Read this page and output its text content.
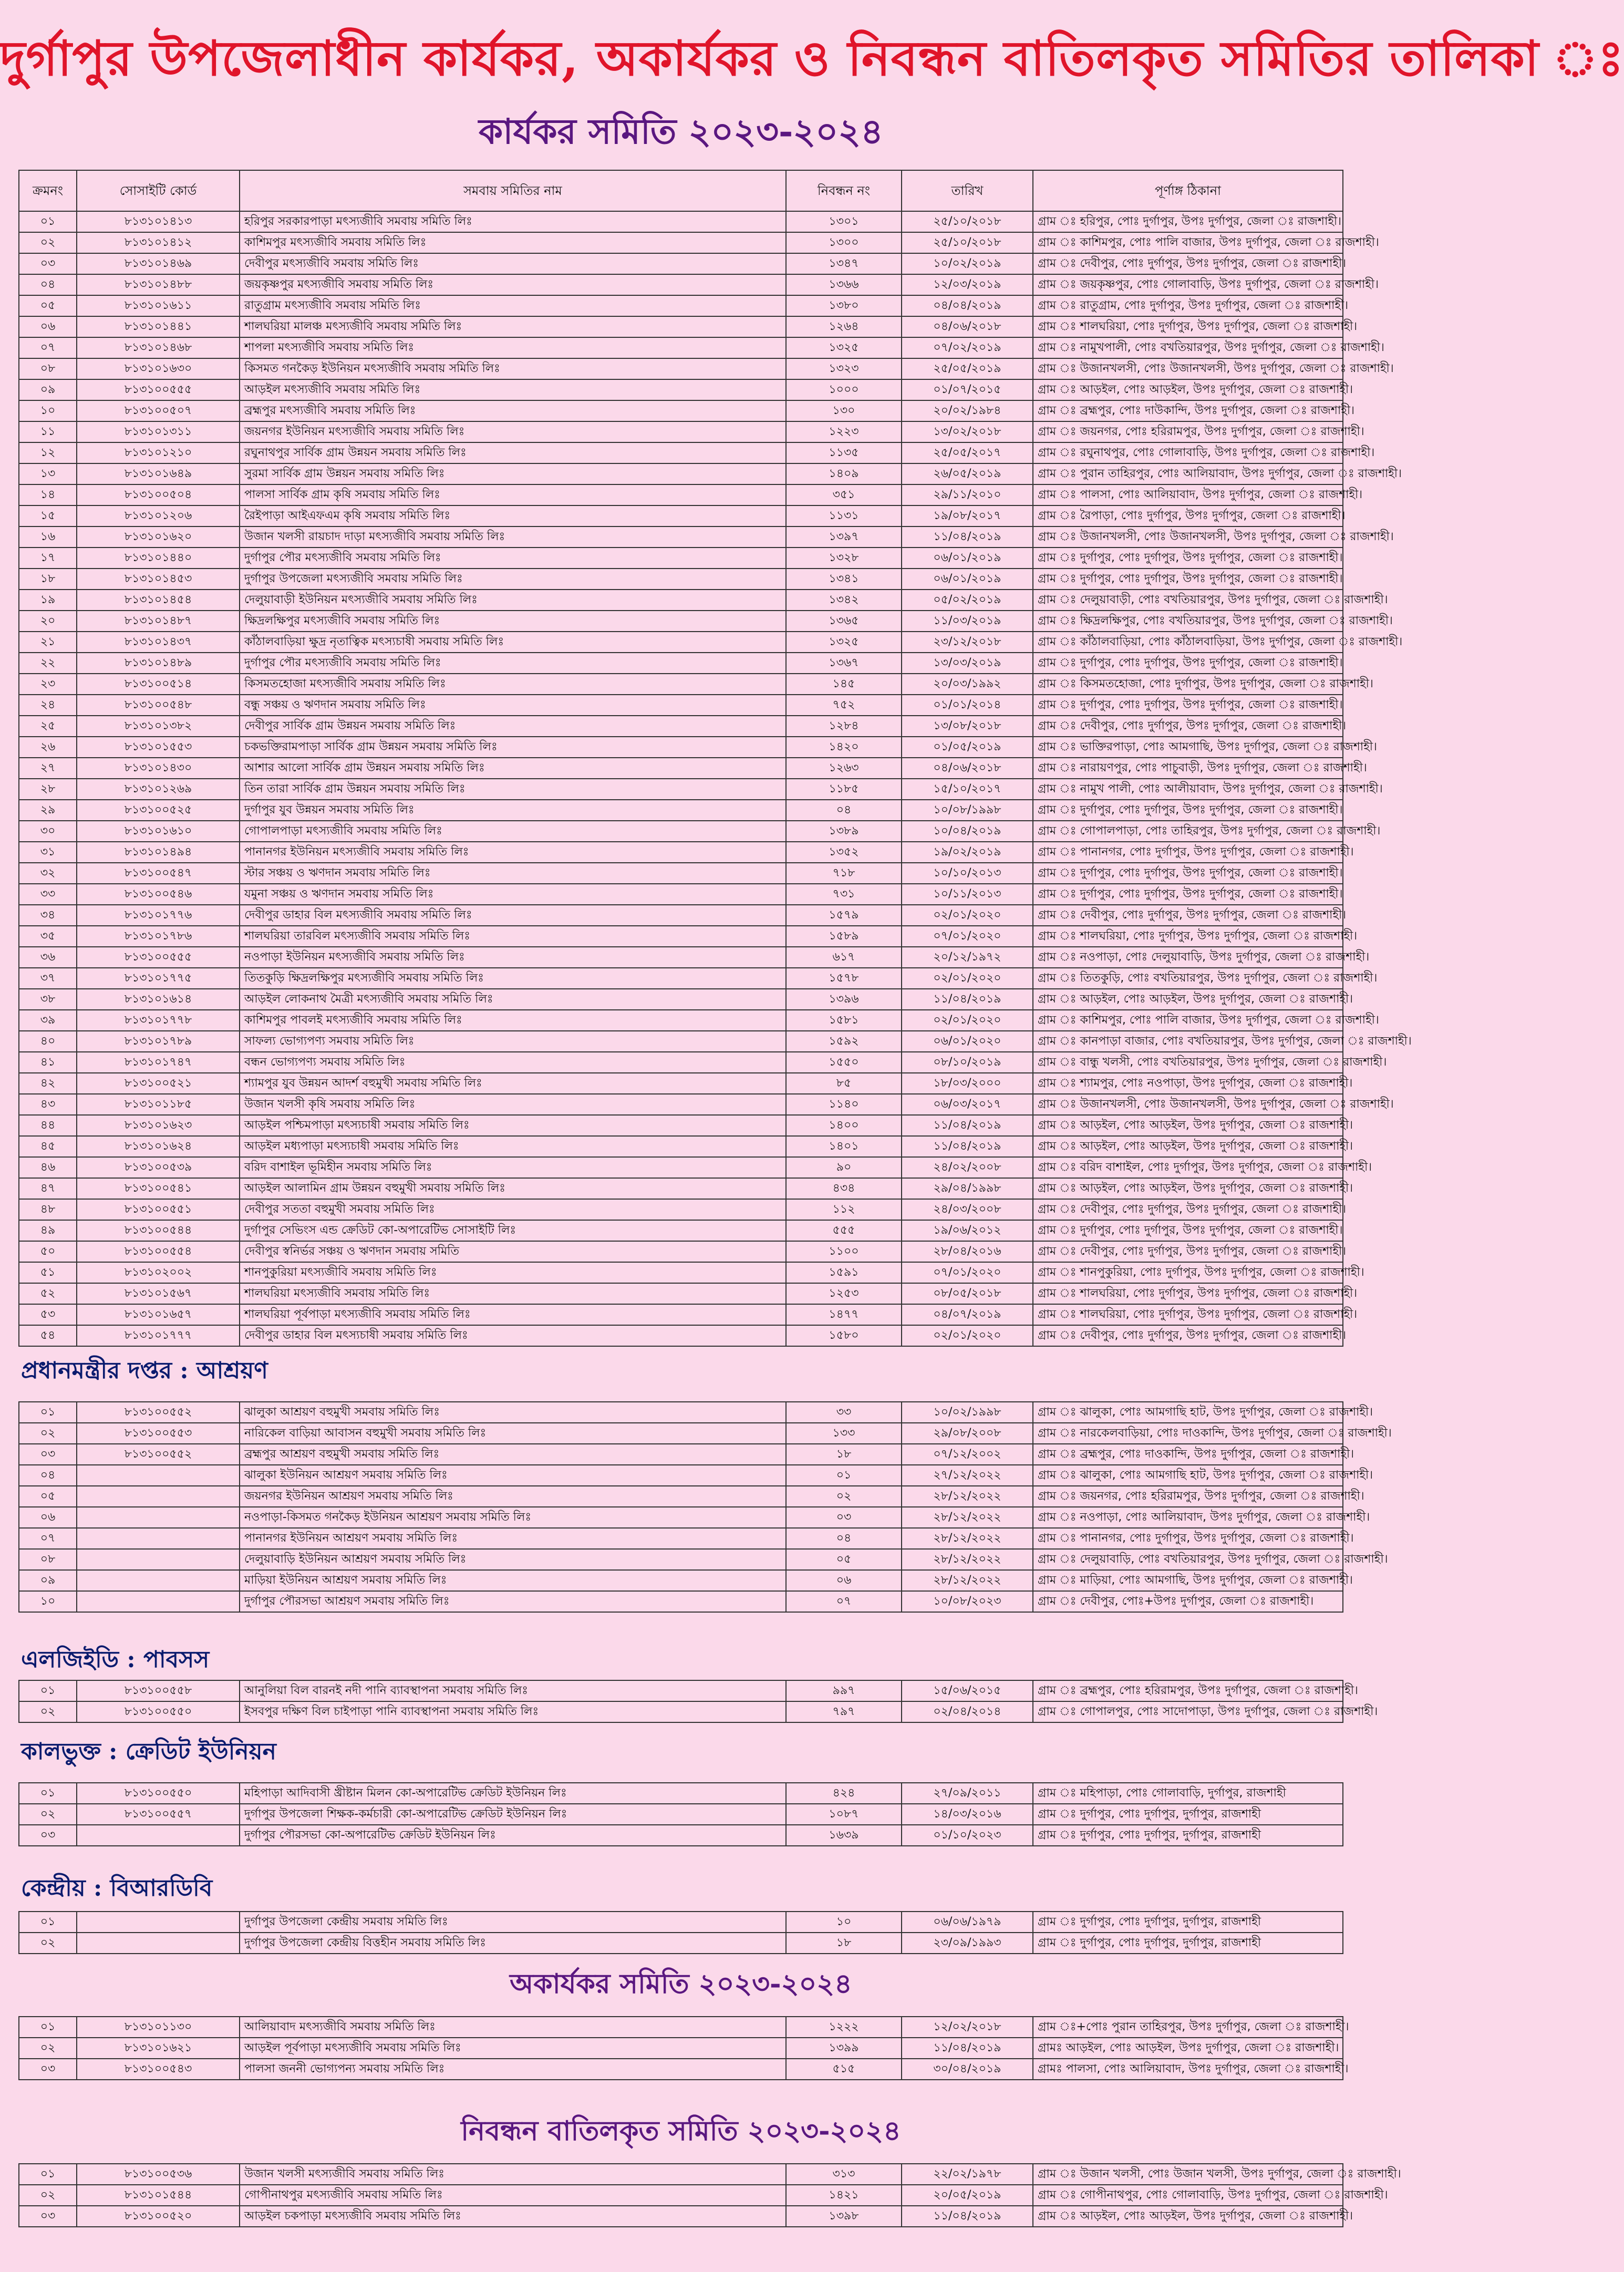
দুর্গাপুর উপজেলাধীন কার্যকর, অকার্যকর ও নিবন্ধন বাতিলকৃত সমিতির তালিকা ঃ
কার্যকর সমিতি ২০২৩-২০২৪
ক্রমনং	সোসাইটি কোর্ড	সমবায় সমিতির নাম	নিবন্ধন নং	তারিখ	পূর্ণাঙ্গ ঠিকানা
০১	৮১৩১০১৪১৩	হরিপুর সরকারপাড়া মৎস্যজীবি সমবায় সমিতি লিঃ	১৩০১	২৫/১০/২০১৮	গ্রাম ঃ হরিপুর, পোঃ দুর্গাপুর, উপঃ দুর্গাপুর, জেলা ঃ রাজশাহী।
০২	৮১৩১০১৪১২	কাশিমপুর মৎস্যজীবি সমবায় সমিতি লিঃ	১৩০০	২৫/১০/২০১৮	গ্রাম ঃ কাশিমপুর, পোঃ পালি বাজার, উপঃ দুর্গাপুর, জেলা ঃ রাজশাহী।
০৩	৮১৩১০১৪৬৯	দেবীপুর মৎস্যজীবি সমবায় সমিতি লিঃ	১৩৪৭	১০/০২/২০১৯	গ্রাম ঃ দেবীপুর, পোঃ দুর্গাপুর, উপঃ দুর্গাপুর, জেলা ঃ রাজশাহী।
০৪	৮১৩১০১৪৮৮	জয়কৃষ্ণপুর মৎস্যজীবি সমবায় সমিতি লিঃ	১৩৬৬	১২/০৩/২০১৯	গ্রাম ঃ জয়কৃষ্ণপুর, পোঃ গোলাবাড়ি, উপঃ দুর্গাপুর, জেলা ঃ রাজশাহী।
০৫	৮১৩১০১৬১১	রাতুগ্রাম মৎস্যজীবি সমবায় সমিতি লিঃ	১৩৮০	০৪/০৪/২০১৯	গ্রাম ঃ রাতুগ্রাম, পোঃ দুর্গাপুর, উপঃ দুর্গাপুর, জেলা ঃ রাজশাহী।
০৬	৮১৩১০১৪৪১	শালঘরিয়া মালঞ্চ মৎস্যজীবি সমবায় সমিতি লিঃ	১২৬৪	০৪/০৬/২০১৮	গ্রাম ঃ শালঘরিয়া, পোঃ দুর্গাপুর, উপঃ দুর্গাপুর, জেলা ঃ রাজশাহী।
০৭	৮১৩১০১৪৬৮	শাপলা মৎস্যজীবি সমবায় সমিতি লিঃ	১৩২৫	০৭/০২/২০১৯	গ্রাম ঃ নামুখপালী, পোঃ বখতিয়ারপুর, উপঃ দুর্গাপুর, জেলা ঃ রাজশাহী।
০৮	৮১৩১০১৬৩০	কিসমত গনকৈড় ইউনিয়ন মৎস্যজীবি সমবায় সমিতি লিঃ	১৩২৩	২৫/০৫/২০১৯	গ্রাম ঃ উজানখলসী, পোঃ উজানখলসী, উপঃ দুর্গাপুর, জেলা ঃ রাজশাহী।
০৯	৮১৩১০০৫৫৫	আড়ইল মৎস্যজীবি সমবায় সমিতি লিঃ	১০০০	০১/০৭/২০১৫	গ্রাম ঃ আড়ইল, পোঃ আড়ইল, উপঃ দুর্গাপুর, জেলা ঃ রাজশাহী।
১০	৮১৩১০০৫০৭	ব্রহ্মপুর মৎস্যজীবি সমবায় সমিতি লিঃ	১৩০	২০/০২/১৯৮৪	গ্রাম ঃ ব্রহ্মপুর, পোঃ দাউকান্দি, উপঃ দুর্গাপুর, জেলা ঃ রাজশাহী।
১১	৮১৩১০১৩১১	জয়নগর ইউনিয়ন মৎস্যজীবি সমবায় সমিতি লিঃ	১২২৩	১৩/০২/২০১৮	গ্রাম ঃ জয়নগর, পোঃ হরিরামপুর, উপঃ দুর্গাপুর, জেলা ঃ রাজশাহী।
১২	৮১৩১০১২১০	রঘুনাথপুর সার্বিক গ্রাম উন্নয়ন সমবায় সমিতি লিঃ	১১৩৫	২৫/০৫/২০১৭	গ্রাম ঃ রঘুনাথপুর, পোঃ গোলাবাড়ি, উপঃ দুর্গাপুর, জেলা ঃ রাজশাহী।
১৩	৮১৩১০১৬৪৯	সুরমা সার্বিক গ্রাম উন্নয়ন সমবায় সমিতি লিঃ	১৪০৯	২৬/০৫/২০১৯	গ্রাম ঃ পুরান তাহিরপুর, পোঃ আলিয়াবাদ, উপঃ দুর্গাপুর, জেলা ঃ রাজশাহী।
১৪	৮১৩১০০৫০৪	পালসা সার্বিক গ্রাম কৃষি সমবায় সমিতি লিঃ	৩৫১	২৯/১১/২০১০	গ্রাম ঃ পালসা, পোঃ আলিয়াবাদ, উপঃ দুর্গাপুর, জেলা ঃ রাজশাহী।
১৫	৮১৩১০১২০৬	রৈইপাড়া আইএফএম কৃষি সমবায় সমিতি লিঃ	১১৩১	১৯/০৮/২০১৭	গ্রাম ঃ রৈপাড়া, পোঃ দুর্গাপুর, উপঃ দুর্গাপুর, জেলা ঃ রাজশাহী।
১৬	৮১৩১০১৬২০	উজান খলসী রায়চাদ দাড়া মৎস্যজীবি সমবায় সমিতি লিঃ	১৩৯৭	১১/০৪/২০১৯	গ্রাম ঃ উজানখলসী, পোঃ উজানখলসী, উপঃ দুর্গাপুর, জেলা ঃ রাজশাহী।
১৭	৮১৩১০১৪৪০	দুর্গাপুর পৌর মৎস্যজীবি সমবায় সমিতি লিঃ	১৩২৮	০৬/০১/২০১৯	গ্রাম ঃ দুর্গাপুর, পোঃ দুর্গাপুর, উপঃ দুর্গাপুর, জেলা ঃ রাজশাহী।
১৮	৮১৩১০১৪৫৩	দুর্গাপুর উপজেলা মৎস্যজীবি সমবায় সমিতি লিঃ	১৩৪১	০৬/০১/২০১৯	গ্রাম ঃ দুর্গাপুর, পোঃ দুর্গাপুর, উপঃ দুর্গাপুর, জেলা ঃ রাজশাহী।
১৯	৮১৩১০১৪৫৪	দেলুয়াবাড়ী ইউনিয়ন মৎস্যজীবি সমবায় সমিতি লিঃ	১৩৪২	০৫/০২/২০১৯	গ্রাম ঃ দেলুয়াবাড়ী, পোঃ বখতিয়ারপুর, উপঃ দুর্গাপুর, জেলা ঃ রাজশাহী।
২০	৮১৩১০১৪৮৭	ক্ষিদ্রলক্ষিপুর মৎস্যজীবি সমবায় সমিতি লিঃ	১৩৬৫	১১/০৩/২০১৯	গ্রাম ঃ ক্ষিদ্রলক্ষিপুর, পোঃ বখতিয়ারপুর, উপঃ দুর্গাপুর, জেলা ঃ রাজশাহী।
২১	৮১৩১০১৪৩৭	কাঁঠালবাড়িয়া ক্ষুদ্র নৃতাত্বিক মৎস্যচাষী সমবায় সমিতি লিঃ	১৩২৫	২৩/১২/২০১৮	গ্রাম ঃ কাঁঠালবাড়িয়া, পোঃ কাঁঠালবাড়িয়া, উপঃ দুর্গাপুর, জেলা ঃ রাজশাহী।
২২	৮১৩১০১৪৮৯	দুর্গাপুর পৌর মৎস্যজীবি সমবায় সমিতি লিঃ	১৩৬৭	১৩/০৩/২০১৯	গ্রাম ঃ দুর্গাপুর, পোঃ দুর্গাপুর, উপঃ দুর্গাপুর, জেলা ঃ রাজশাহী।
২৩	৮১৩১০০৫১৪	কিসমতহোজা মৎস্যজীবি সমবায় সমিতি লিঃ	১৪৫	২০/০৩/১৯৯২	গ্রাম ঃ কিসমতহোজা, পোঃ দুর্গাপুর, উপঃ দুর্গাপুর, জেলা ঃ রাজশাহী।
২৪	৮১৩১০০৫৪৮	বন্ধু সঞ্চয় ও ঋণদান সমবায় সমিতি লিঃ	৭৫২	০১/০১/২০১৪	গ্রাম ঃ দুর্গাপুর, পোঃ দুর্গাপুর, উপঃ দুর্গাপুর, জেলা ঃ রাজশাহী।
২৫	৮১৩১০১৩৮২	দেবীপুর সার্বিক গ্রাম উন্নয়ন সমবায় সমিতি লিঃ	১২৮৪	১৩/০৮/২০১৮	গ্রাম ঃ দেবীপুর, পোঃ দুর্গাপুর, উপঃ দুর্গাপুর, জেলা ঃ রাজশাহী।
২৬	৮১৩১০১৫৫৩	চকভক্তিরামপাড়া সার্বিক গ্রাম উন্নয়ন সমবায় সমিতি লিঃ	১৪২০	০১/০৫/২০১৯	গ্রাম ঃ ভাক্তিরপাড়া, পোঃ আমগাছি, উপঃ দুর্গাপুর, জেলা ঃ রাজশাহী।
২৭	৮১৩১০১৪৩০	আশার আলো সার্বিক গ্রাম উন্নয়ন সমবায় সমিতি লিঃ	১২৬৩	০৪/০৬/২০১৮	গ্রাম ঃ নারায়ণপুর, পোঃ পাচুবাড়ী, উপঃ দুর্গাপুর, জেলা ঃ রাজশাহী।
২৮	৮১৩১০১২৬৯	তিন তারা সার্বিক গ্রাম উন্নয়ন সমবায় সমিতি লিঃ	১১৮৫	১৫/১০/২০১৭	গ্রাম ঃ নামুখ পালী, পোঃ আলীয়াবাদ, উপঃ দুর্গাপুর, জেলা ঃ রাজশাহী।
২৯	৮১৩১০০৫২৫	দুর্গাপুর যুব উন্নয়ন সমবায় সমিতি লিঃ	০৪	১০/০৮/১৯৯৮	গ্রাম ঃ দুর্গাপুর, পোঃ দুর্গাপুর, উপঃ দুর্গাপুর, জেলা ঃ রাজশাহী।
৩০	৮১৩১০১৬১০	গোপালপাড়া মৎস্যজীবি সমবায় সমিতি লিঃ	১৩৮৯	১০/০৪/২০১৯	গ্রাম ঃ গোপালপাড়া, পোঃ তাহিরপুর, উপঃ দুর্গাপুর, জেলা ঃ রাজশাহী।
৩১	৮১৩১০১৪৯৪	পানানগর ইউনিয়ন মৎস্যজীবি সমবায় সমিতি লিঃ	১৩৫২	১৯/০২/২০১৯	গ্রাম ঃ পানানগর, পোঃ দুর্গাপুর, উপঃ দুর্গাপুর, জেলা ঃ রাজশাহী।
৩২	৮১৩১০০৫৪৭	স্টার সঞ্চয় ও ঋণদান সমবায় সমিতি লিঃ	৭১৮	১০/১০/২০১৩	গ্রাম ঃ দুর্গাপুর, পোঃ দুর্গাপুর, উপঃ দুর্গাপুর, জেলা ঃ রাজশাহী।
৩৩	৮১৩১০০৫৪৬	যমুনা সঞ্চয় ও ঋণদান সমবায় সমিতি লিঃ	৭৩১	১০/১১/২০১৩	গ্রাম ঃ দুর্গাপুর, পোঃ দুর্গাপুর, উপঃ দুর্গাপুর, জেলা ঃ রাজশাহী।
৩৪	৮১৩১০১৭৭৬	দেবীপুর ডাহার বিল মৎস্যজীবি সমবায় সমিতি লিঃ	১৫৭৯	০২/০১/২০২০	গ্রাম ঃ দেবীপুর, পোঃ দুর্গাপুর, উপঃ দুর্গাপুর, জেলা ঃ রাজশাহী।
৩৫	৮১৩১০১৭৮৬	শালঘরিয়া তারবিল মৎস্যজীবি সমবায় সমিতি লিঃ	১৫৮৯	০৭/০১/২০২০	গ্রাম ঃ শালঘরিয়া, পোঃ দুর্গাপুর, উপঃ দুর্গাপুর, জেলা ঃ রাজশাহী।
৩৬	৮১৩১০০৫৫৫	নওপাড়া ইউনিয়ন মৎস্যজীবি সমবায় সমিতি লিঃ	৬১৭	২০/১২/১৯৭২	গ্রাম ঃ নওপাড়া, পোঃ দেলুয়াবাড়ি, উপঃ দুর্গাপুর, জেলা ঃ রাজশাহী।
৩৭	৮১৩১০১৭৭৫	তিতকুড়ি ক্ষিদ্রলক্ষিপুর মৎস্যজীবি সমবায় সমিতি লিঃ	১৫৭৮	০২/০১/২০২০	গ্রাম ঃ তিতকুড়ি, পোঃ বখতিয়ারপুর, উপঃ দুর্গাপুর, জেলা ঃ রাজশাহী।
৩৮	৮১৩১০১৬১৪	আড়ইল লোকনাথ মৈত্রী মৎস্যজীবি সমবায় সমিতি লিঃ	১৩৯৬	১১/০৪/২০১৯	গ্রাম ঃ আড়ইল, পোঃ আড়ইল, উপঃ দুর্গাপুর, জেলা ঃ রাজশাহী।
৩৯	৮১৩১০১৭৭৮	কাশিমপুর পাবলই মৎস্যজীবি সমবায় সমিতি লিঃ	১৫৮১	০২/০১/২০২০	গ্রাম ঃ কাশিমপুর, পোঃ পালি বাজার, উপঃ দুর্গাপুর, জেলা ঃ রাজশাহী।
৪০	৮১৩১০১৭৮৯	সাফল্য ভোগ্যপণ্য সমবায় সমিতি লিঃ	১৫৯২	০৬/০১/২০২০	গ্রাম ঃ কানপাড়া বাজার, পোঃ বখতিয়ারপুর, উপঃ দুর্গাপুর, জেলা ঃ রাজশাহী।
৪১	৮১৩১০১৭৪৭	বন্ধন ভোগ্যপণ্য সমবায় সমিতি লিঃ	১৫৫০	০৮/১০/২০১৯	গ্রাম ঃ বান্ধু খলসী, পোঃ বখতিয়ারপুর, উপঃ দুর্গাপুর, জেলা ঃ রাজশাহী।
৪২	৮১৩১০০৫২১	শ্যামপুর যুব উন্নয়ন আদর্শ বহুমুখী সমবায় সমিতি লিঃ	৮৫	১৮/০৩/২০০০	গ্রাম ঃ শ্যামপুর, পোঃ নওপাড়া, উপঃ দুর্গাপুর, জেলা ঃ রাজশাহী।
৪৩	৮১৩১০১১৮৫	উজান খলসী কৃষি সমবায় সমিতি লিঃ	১১৪০	০৬/০৩/২০১৭	গ্রাম ঃ উজানখলসী, পোঃ উজানখলসী, উপঃ দুর্গাপুর, জেলা ঃ রাজশাহী।
৪৪	৮১৩১০১৬২৩	আড়ইল পশ্চিমপাড়া মৎস্যচাষী সমবায় সমিতি লিঃ	১৪০০	১১/০৪/২০১৯	গ্রাম ঃ আড়ইল, পোঃ আড়ইল, উপঃ দুর্গাপুর, জেলা ঃ রাজশাহী।
৪৫	৮১৩১০১৬২৪	আড়ইল মধ্যপাড়া মৎস্যচাষী সমবায় সমিতি লিঃ	১৪০১	১১/০৪/২০১৯	গ্রাম ঃ আড়ইল, পোঃ আড়ইল, উপঃ দুর্গাপুর, জেলা ঃ রাজশাহী।
৪৬	৮১৩১০০৫৩৯	বরিদ বাশাইল ভূমিহীন সমবায় সমিতি লিঃ	৯০	২৪/০২/২০০৮	গ্রাম ঃ বরিদ বাশাইল, পোঃ দুর্গাপুর, উপঃ দুর্গাপুর, জেলা ঃ রাজশাহী।
৪৭	৮১৩১০০৫৪১	আড়ইল আলামিন গ্রাম উন্নয়ন বহুমুখী সমবায় সমিতি লিঃ	৪৩৪	২৯/০৪/১৯৯৮	গ্রাম ঃ আড়ইল, পোঃ আড়ইল, উপঃ দুর্গাপুর, জেলা ঃ রাজশাহী।
৪৮	৮১৩১০০৫৫১	দেবীপুর সততা বহুমুখী সমবায় সমিতি লিঃ	১১২	২৪/০৩/২০০৮	গ্রাম ঃ দেবীপুর, পোঃ দুর্গাপুর, উপঃ দুর্গাপুর, জেলা ঃ রাজশাহী।
৪৯	৮১৩১০০৫৪৪	দুর্গাপুর সেভিংস এন্ড ক্রেডিট কো-অপারেটিভ সোসাইটি লিঃ	৫৫৫	১৯/০৬/২০১২	গ্রাম ঃ দুর্গাপুর, পোঃ দুর্গাপুর, উপঃ দুর্গাপুর, জেলা ঃ রাজশাহী।
৫০	৮১৩১০০৫৫৪	দেবীপুর স্বনির্ভর সঞ্চয় ও ঋণদান সমবায় সমিতি	১১০০	২৮/০৪/২০১৬	গ্রাম ঃ দেবীপুর, পোঃ দুর্গাপুর, উপঃ দুর্গাপুর, জেলা ঃ রাজশাহী।
৫১	৮১৩১০২০০২	শানপুকুরিয়া মৎস্যজীবি সমবায় সমিতি লিঃ	১৫৯১	০৭/০১/২০২০	গ্রাম ঃ শানপুকুরিয়া, পোঃ দুর্গাপুর, উপঃ দুর্গাপুর, জেলা ঃ রাজশাহী।
৫২	৮১৩১০১৫৬৭	শালঘরিয়া মৎস্যজীবি সমবায় সমিতি লিঃ	১২৫৩	০৮/০৫/২০১৮	গ্রাম ঃ শালঘরিয়া, পোঃ দুর্গাপুর, উপঃ দুর্গাপুর, জেলা ঃ রাজশাহী।
৫৩	৮১৩১০১৬৫৭	শালঘরিয়া পূর্বপাড়া মৎস্যজীবি সমবায় সমিতি লিঃ	১৪৭৭	০৪/০৭/২০১৯	গ্রাম ঃ শালঘরিয়া, পোঃ দুর্গাপুর, উপঃ দুর্গাপুর, জেলা ঃ রাজশাহী।
৫৪	৮১৩১০১৭৭৭	দেবীপুর ডাহার বিল মৎস্যচাষী সমবায় সমিতি লিঃ	১৫৮০	০২/০১/২০২০	গ্রাম ঃ দেবীপুর, পোঃ দুর্গাপুর, উপঃ দুর্গাপুর, জেলা ঃ রাজশাহী।
প্রধানমন্ত্রীর দপ্তর : আশ্রয়ণ
০১	৮১৩১০০৫৫২	ঝালুকা আশ্রয়ণ বহুমুখী সমবায় সমিতি লিঃ	৩৩	১০/০২/১৯৯৮	গ্রাম ঃ ঝালুকা, পোঃ আমগাছি হাট, উপঃ দুর্গাপুর, জেলা ঃ রাজশাহী।
০২	৮১৩১০০৫৫৩	নারিকেল বাড়িয়া আবাসন বহুমুখী সমবায় সমিতি লিঃ	১৩৩	২৯/০৮/২০০৮	গ্রাম ঃ নারকেলবাড়িয়া, পোঃ দাওকান্দি, উপঃ দুর্গাপুর, জেলা ঃ রাজশাহী।
০৩	৮১৩১০০৫৫২	ব্রহ্মপুর আশ্রয়ণ বহুমুখী সমবায় সমিতি লিঃ	১৮	০৭/১২/২০০২	গ্রাম ঃ ব্রহ্মপুর, পোঃ দাওকান্দি, উপঃ দুর্গাপুর, জেলা ঃ রাজশাহী।
০৪		ঝালুকা ইউনিয়ন আশ্রয়ণ সমবায় সমিতি লিঃ	০১	২৭/১২/২০২২	গ্রাম ঃ ঝালুকা, পোঃ আমগাছি হাট, উপঃ দুর্গাপুর, জেলা ঃ রাজশাহী।
০৫		জয়নগর ইউনিয়ন আশ্রয়ণ সমবায় সমিতি লিঃ	০২	২৮/১২/২০২২	গ্রাম ঃ জয়নগর, পোঃ হরিরামপুর, উপঃ দুর্গাপুর, জেলা ঃ রাজশাহী।
০৬		নওপাড়া-কিসমত গনকৈড় ইউনিয়ন আশ্রয়ণ সমবায় সমিতি লিঃ	০৩	২৮/১২/২০২২	গ্রাম ঃ নওপাড়া, পোঃ আলিয়াবাদ, উপঃ দুর্গাপুর, জেলা ঃ রাজশাহী।
০৭		পানানগর ইউনিয়ন আশ্রয়ণ সমবায় সমিতি লিঃ	০৪	২৮/১২/২০২২	গ্রাম ঃ পানানগর, পোঃ দুর্গাপুর, উপঃ দুর্গাপুর, জেলা ঃ রাজশাহী।
০৮		দেলুয়াবাড়ি ইউনিয়ন আশ্রয়ণ সমবায় সমিতি লিঃ	০৫	২৮/১২/২০২২	গ্রাম ঃ দেলুয়াবাড়ি, পোঃ বখতিয়ারপুর, উপঃ দুর্গাপুর, জেলা ঃ রাজশাহী।
০৯		মাড়িয়া ইউনিয়ন আশ্রয়ণ সমবায় সমিতি লিঃ	০৬	২৮/১২/২০২২	গ্রাম ঃ মাড়িয়া, পোঃ আমগাছি, উপঃ দুর্গাপুর, জেলা ঃ রাজশাহী।
১০		দুর্গাপুর পৌরসভা আশ্রয়ণ সমবায় সমিতি লিঃ	০৭	১০/০৮/২০২৩	গ্রাম ঃ দেবীপুর, পোঃ+উপঃ দুর্গাপুর, জেলা ঃ রাজশাহী।
এলজিইডি : পাবসস
০১	৮১৩১০০৫৫৮	আনুলিয়া বিল বারনই নদী পানি ব্যাবস্থাপনা সমবায় সমিতি লিঃ	৯৯৭	১৫/০৬/২০১৫	গ্রাম ঃ ব্রহ্মপুর, পোঃ হরিরামপুর, উপঃ দুর্গাপুর, জেলা ঃ রাজশাহী।
০২	৮১৩১০০৫৫০	ইসবপুর দক্ষিণ বিল চাইপাড়া পানি ব্যাবস্থাপনা সমবায় সমিতি লিঃ	৭৯৭	০২/০৪/২০১৪	গ্রাম ঃ গোপালপুর, পোঃ সাদোপাড়া, উপঃ দুর্গাপুর, জেলা ঃ রাজশাহী।
কালভুক্ত : ক্রেডিট ইউনিয়ন
০১	৮১৩১০০৫৫০	মহিপাড়া আদিবাসী খ্রীষ্টান মিলন কো-অপারেটিভ ক্রেডিট ইউনিয়ন লিঃ	৪২৪	২৭/০৯/২০১১	গ্রাম ঃ মহিপাড়া, পোঃ গোলাবাড়ি, দুর্গাপুর, রাজশাহী
০২	৮১৩১০০৫৫৭	দুর্গাপুর উপজেলা শিক্ষক-কর্মচারী কো-অপারেটিভ ক্রেডিট ইউনিয়ন লিঃ	১০৮৭	১৪/০৩/২০১৬	গ্রাম ঃ দুর্গাপুর, পোঃ দুর্গাপুর, দুর্গাপুর, রাজশাহী
০৩		দুর্গাপুর পৌরসভা কো-অপারেটিভ ক্রেডিট ইউনিয়ন লিঃ	১৬৩৯	০১/১০/২০২৩	গ্রাম ঃ দুর্গাপুর, পোঃ দুর্গাপুর, দুর্গাপুর, রাজশাহী
কেন্দ্রীয় : বিআরডিবি
০১		দুর্গাপুর উপজেলা কেন্দ্রীয় সমবায় সমিতি লিঃ	১০	০৬/০৬/১৯৭৯	গ্রাম ঃ দুর্গাপুর, পোঃ দুর্গাপুর, দুর্গাপুর, রাজশাহী
০২		দুর্গাপুর উপজেলা কেন্দ্রীয় বিত্তহীন সমবায় সমিতি লিঃ	১৮	২৩/০৯/১৯৯৩	গ্রাম ঃ দুর্গাপুর, পোঃ দুর্গাপুর, দুর্গাপুর, রাজশাহী
অকার্যকর সমিতি ২০২৩-২০২৪
০১	৮১৩১০১১৩০	আলিয়াবাদ মৎস্যজীবি সমবায় সমিতি লিঃ	১২২২	১২/০২/২০১৮	গ্রাম ঃ+পোঃ পুরান তাহিরপুর, উপঃ দুর্গাপুর, জেলা ঃ রাজশাহী।
০২	৮১৩১০১৬২১	আড়ইল পূর্বপাড়া মৎস্যজীবি সমবায় সমিতি লিঃ	১৩৯৯	১১/০৪/২০১৯	গ্রামঃ আড়ইল, পোঃ আড়ইল, উপঃ দুর্গাপুর, জেলা ঃ রাজশাহী।
০৩	৮১৩১০০৫৪৩	পালসা জননী ভোগ্যপন্য সমবায় সমিতি লিঃ	৫১৫	৩০/০৪/২০১৯	গ্রামঃ পালসা, পোঃ আলিয়াবাদ, উপঃ দুর্গাপুর, জেলা ঃ রাজশাহী।
নিবন্ধন বাতিলকৃত সমিতি ২০২৩-২০২৪
০১	৮১৩১০০৫৩৬	উজান খলসী মৎস্যজীবি সমবায় সমিতি লিঃ	৩১৩	২২/০২/১৯৭৮	গ্রাম ঃ উজান খলসী, পোঃ উজান খলসী, উপঃ দুর্গাপুর, জেলা ঃ রাজশাহী।
০২	৮১৩১০১৫৪৪	গোপীনাথপুর মৎস্যজীবি সমবায় সমিতি লিঃ	১৪২১	২০/০৫/২০১৯	গ্রাম ঃ গোপীনাথপুর, পোঃ গোলাবাড়ি, উপঃ দুর্গাপুর, জেলা ঃ রাজশাহী।
০৩	৮১৩১০০৫২০	আড়ইল চকপাড়া মৎস্যজীবি সমবায় সমিতি লিঃ	১৩৯৮	১১/০৪/২০১৯	গ্রাম ঃ আড়ইল, পোঃ আড়ইল, উপঃ দুর্গাপুর, জেলা ঃ রাজশাহী।
